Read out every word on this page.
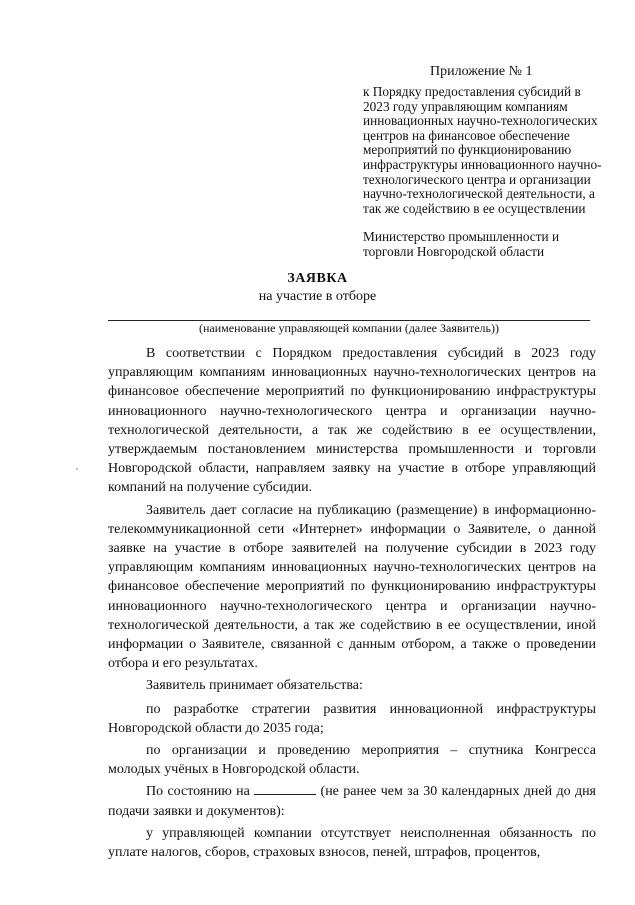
Приложение № 1

к Порядку предоставления субсидий в 2023 году управляющим компаниям инновационных научно-технологических центров на финансовое обеспечение мероприятий по функционированию инфраструктуры инновационного научно-технологического центра и организации научно-технологической деятельности, а так же содействию в ее осуществлении

Министерство промышленности и торговли Новгородской области

ЗАЯВКА
на участие в отборе
(наименование управляющей компании (далее Заявитель))

В соответствии с Порядком предоставления субсидий в 2023 году управляющим компаниям инновационных научно-технологических центров на финансовое обеспечение мероприятий по функционированию инфраструктуры инновационного научно-технологического центра и организации научно-технологической деятельности, а так же содействию в ее осуществлении, утверждаемым постановлением министерства промышленности и торговли Новгородской области, направляем заявку на участие в отборе управляющий компаний на получение субсидии.

Заявитель дает согласие на публикацию (размещение) в информационно-телекоммуникационной сети «Интернет» информации о Заявителе, о данной заявке на участие в отборе заявителей на получение субсидии в 2023 году управляющим компаниям инновационных научно-технологических центров на финансовое обеспечение мероприятий по функционированию инфраструктуры инновационного научно-технологического центра и организации научно-технологической деятельности, а так же содействию в ее осуществлении, иной информации о Заявителе, связанной с данным отбором, а также о проведении отбора и его результатах.

Заявитель принимает обязательства:

по разработке стратегии развития инновационной инфраструктуры Новгородской области до 2035 года;

по организации и проведению мероприятия – спутника Конгресса молодых учёных в Новгородской области.

По состоянию на	(не ранее чем за 30 календарных дней до дня подачи заявки и документов):

у управляющей компании отсутствует неисполненная обязанность по уплате налогов, сборов, страховых взносов, пеней, штрафов, процентов,
